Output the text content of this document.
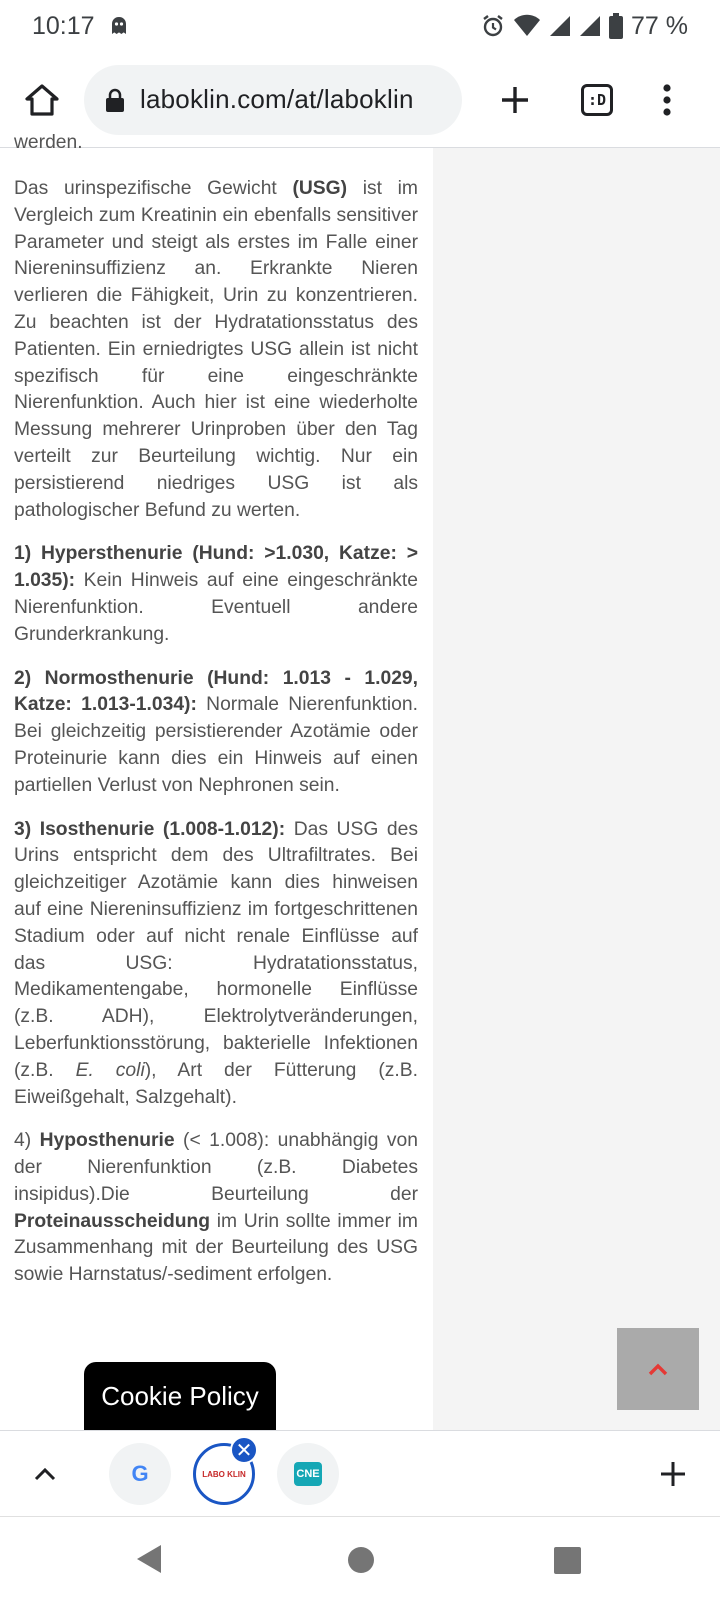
10:17	77 %
laboklin.com/at/laboklin	:D
werden.

Das urinspezifische Gewicht (USG) ist im Vergleich zum Kreatinin ein ebenfalls sensitiver Parameter und steigt als erstes im Falle einer Niereninsuffizienz an. Erkrankte Nieren verlieren die Fähigkeit, Urin zu konzentrieren. Zu beachten ist der Hydratationsstatus des Patienten. Ein erniedrigtes USG allein ist nicht spezifisch für eine eingeschränkte Nierenfunktion. Auch hier ist eine wiederholte Messung mehrerer Urinproben über den Tag verteilt zur Beurteilung wichtig. Nur ein persistierend niedriges USG ist als pathologischer Befund zu werten.

1) Hypersthenurie (Hund: >1.030, Katze: > 1.035): Kein Hinweis auf eine eingeschränkte Nierenfunktion. Eventuell andere Grunderkrankung.

2) Normosthenurie (Hund: 1.013 - 1.029, Katze: 1.013-1.034): Normale Nierenfunktion. Bei gleichzeitig persistierender Azotämie oder Proteinurie kann dies ein Hinweis auf einen partiellen Verlust von Nephronen sein.

3) Isosthenurie (1.008-1.012): Das USG des Urins entspricht dem des Ultrafiltrates. Bei gleichzeitiger Azotämie kann dies hinweisen auf eine Niereninsuffizienz im fortgeschrittenen Stadium oder auf nicht renale Einflüsse auf das USG: Hydratationsstatus, Medikamentengabe, hormonelle Einflüsse (z.B. ADH), Elektrolytveränderungen, Leberfunktionsstörung, bakterielle Infektionen (z.B. E. coli), Art der Fütterung (z.B. Eiweißgehalt, Salzgehalt).

4) Hyposthenurie (< 1.008): unabhängig von der Nierenfunktion (z.B. Diabetes insipidus).Die Beurteilung der Proteinausscheidung im Urin sollte immer im Zusammenhang mit der Beurteilung des USG sowie Harnstatus/-sediment erfolgen.

Cookie Policy
G	LABO KLIN
✕
CNE
